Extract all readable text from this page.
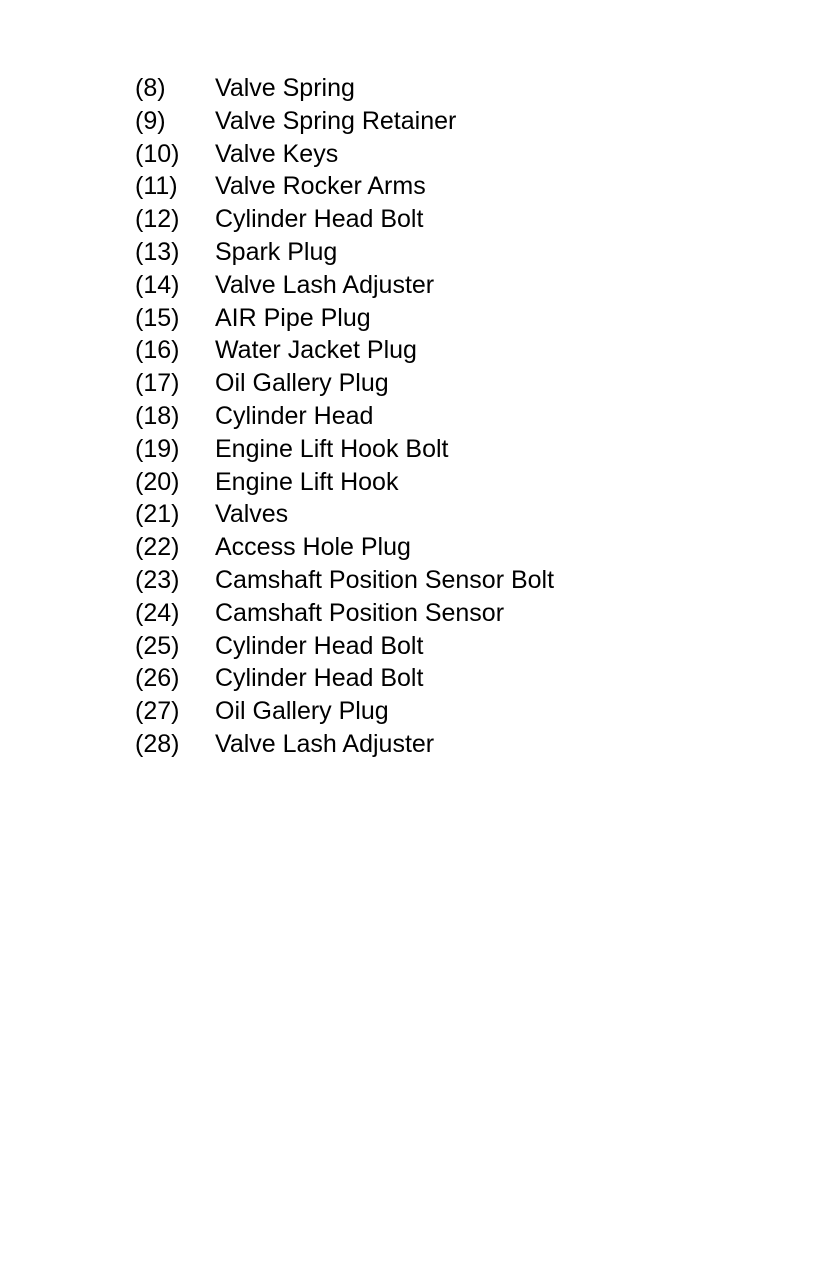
(8)	Valve Spring
(9)	Valve Spring Retainer
(10)	Valve Keys
(11)	Valve Rocker Arms
(12)	Cylinder Head Bolt
(13)	Spark Plug
(14)	Valve Lash Adjuster
(15)	AIR Pipe Plug
(16)	Water Jacket Plug
(17)	Oil Gallery Plug
(18)	Cylinder Head
(19)	Engine Lift Hook Bolt
(20)	Engine Lift Hook
(21)	Valves
(22)	Access Hole Plug
(23)	Camshaft Position Sensor Bolt
(24)	Camshaft Position Sensor
(25)	Cylinder Head Bolt
(26)	Cylinder Head Bolt
(27)	Oil Gallery Plug
(28)	Valve Lash Adjuster
